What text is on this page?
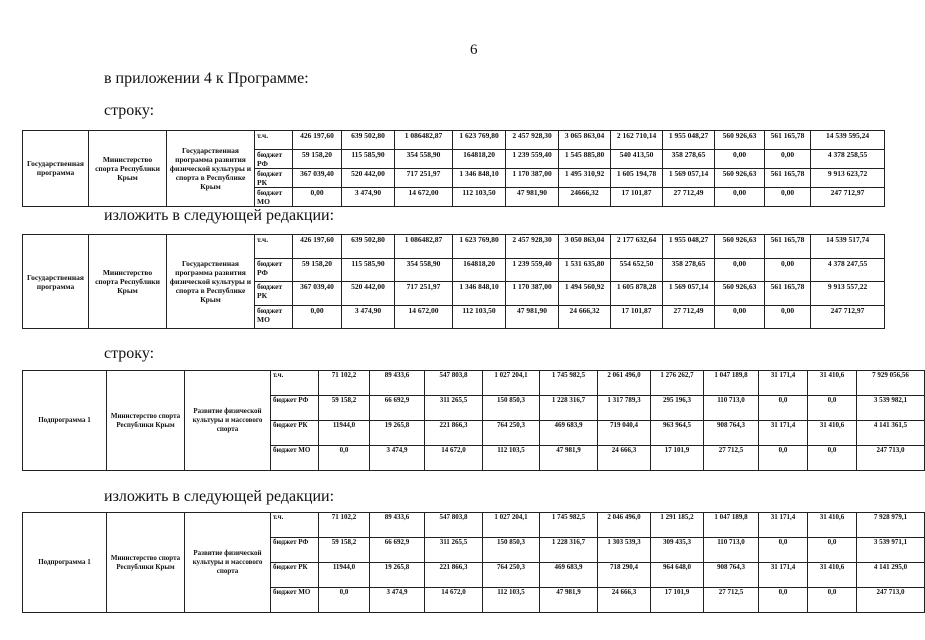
6
в приложении 4 к Программе:
строку:
изложить в следующей редакции:
строку:
изложить в следующей редакции:
Государственная программа	Министерство спорта Республики Крым	Государственная программа развития физической культуры и спорта в Республике Крым	т.ч.	426 197,60	639 502,80	1 086482,87	1 623 769,80	2 457 928,30	3 065 863,04	2 162 710,14	1 955 048,27	560 926,63	561 165,78	14 539 595,24
			бюджет РФ	59 158,20	115 585,90	354 558,90	164818,20	1 239 559,40	1 545 885,80	540 413,50	358 278,65	0,00	0,00	4 378 258,55
			бюджет РК	367 039,40	520 442,00	717 251,97	1 346 848,10	1 170 387,00	1 495 310,92	1 605 194,78	1 569 057,14	560 926,63	561 165,78	9 913 623,72
			бюджет МО	0,00	3 474,90	14 672,00	112 103,50	47 981,90	24666,32	17 101,87	27 712,49	0,00	0,00	247 712,97
Государственная программа	Министерство спорта Республики Крым	Государственная программа развития физической культуры и спорта в Республике Крым	т.ч.	426 197,60	639 502,80	1 086482,87	1 623 769,80	2 457 928,30	3 050 863,04	2 177 632,64	1 955 048,27	560 926,63	561 165,78	14 539 517,74
			бюджет РФ	59 158,20	115 585,90	354 558,90	164818,20	1 239 559,40	1 531 635,80	554 652,50	358 278,65	0,00	0,00	4 378 247,55
			бюджет РК	367 039,40	520 442,00	717 251,97	1 346 848,10	1 170 387,00	1 494 560,92	1 605 878,28	1 569 057,14	560 926,63	561 165,78	9 913 557,22
			бюджет МО	0,00	3 474,90	14 672,00	112 103,50	47 981,90	24 666,32	17 101,87	27 712,49	0,00	0,00	247 712,97
Подпрограмма 1	Министерство спорта Республики Крым	Развитие физической культуры и массового спорта	т.ч.	71 102,2	89 433,6	547 803,8	1 027 204,1	1 745 982,5	2 061 496,0	1 276 262,7	1 047 189,8	31 171,4	31 410,6	7 929 056,56
			бюджет РФ	59 158,2	66 692,9	311 265,5	150 850,3	1 228 316,7	1 317 789,3	295 196,3	110 713,0	0,0	0,0	3 539 982,1
			бюджет РК	11944,0	19 265,8	221 866,3	764 250,3	469 683,9	719 040,4	963 964,5	908 764,3	31 171,4	31 410,6	4 141 361,5
			бюджет МО	0,0	3 474,9	14 672,0	112 103,5	47 981,9	24 666,3	17 101,9	27 712,5	0,0	0,0	247 713,0
Подпрограмма 1	Министерство спорта Республики Крым	Развитие физической культуры и массового спорта	т.ч.	71 102,2	89 433,6	547 803,8	1 027 204,1	1 745 982,5	2 046 496,0	1 291 185,2	1 047 189,8	31 171,4	31 410,6	7 928 979,1
			бюджет РФ	59 158,2	66 692,9	311 265,5	150 850,3	1 228 316,7	1 303 539,3	309 435,3	110 713,0	0,0	0,0	3 539 971,1
			бюджет РК	11944,0	19 265,8	221 866,3	764 250,3	469 683,9	718 290,4	964 648,0	908 764,3	31 171,4	31 410,6	4 141 295,0
			бюджет МО	0,0	3 474,9	14 672,0	112 103,5	47 981,9	24 666,3	17 101,9	27 712,5	0,0	0,0	247 713,0
